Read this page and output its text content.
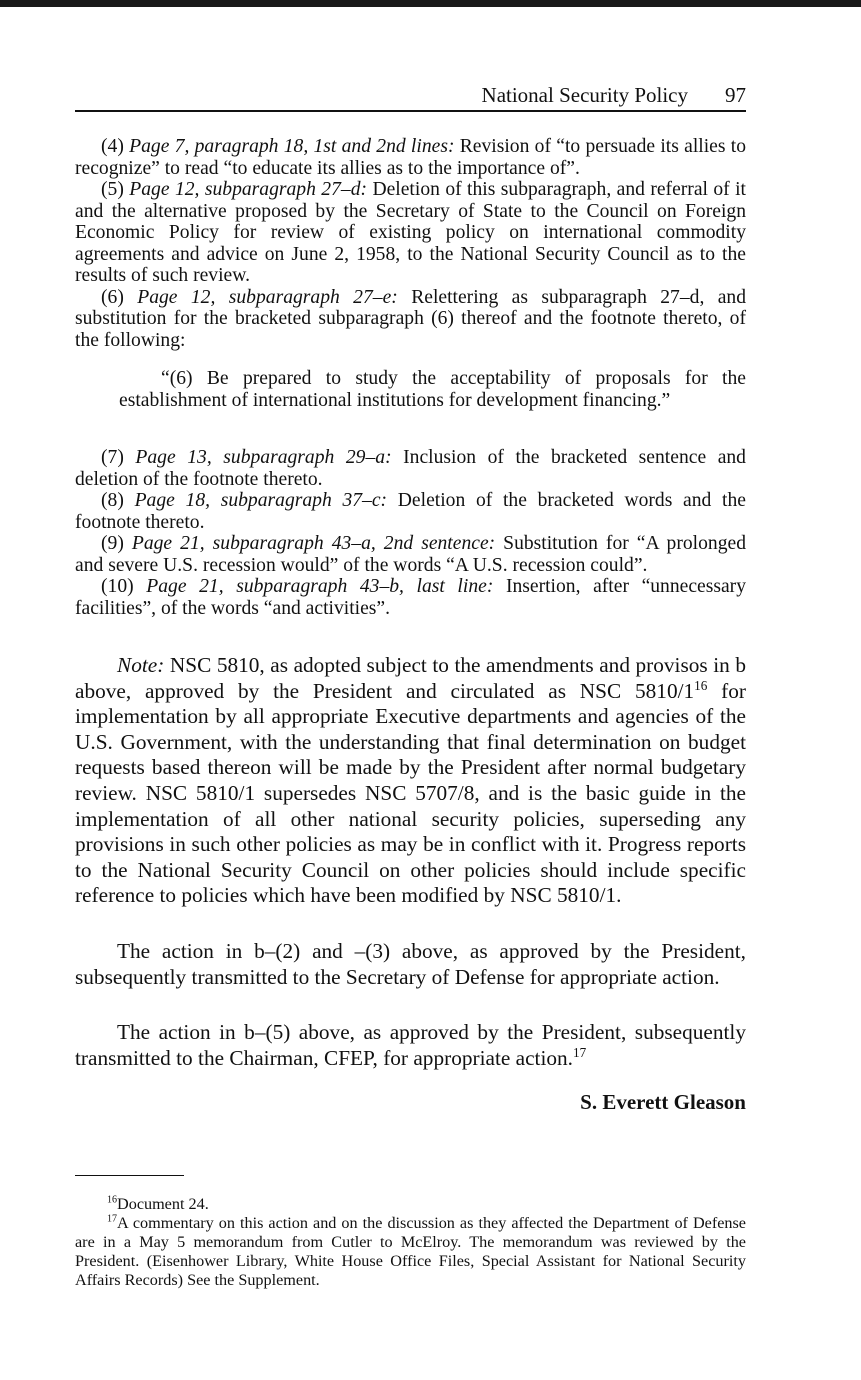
National Security Policy 97

(4) Page 7, paragraph 18, 1st and 2nd lines: Revision of “to persuade its allies to recognize” to read “to educate its allies as to the importance of”.

(5) Page 12, subparagraph 27–d: Deletion of this subparagraph, and referral of it and the alternative proposed by the Secretary of State to the Council on Foreign Economic Policy for review of existing policy on international commodity agreements and advice on June 2, 1958, to the National Security Council as to the results of such review.

(6) Page 12, subparagraph 27–e: Relettering as subparagraph 27–d, and substitution for the bracketed subparagraph (6) thereof and the footnote thereto, of the following:

“(6) Be prepared to study the acceptability of proposals for the establishment of international institutions for development financing.”

(7) Page 13, subparagraph 29–a: Inclusion of the bracketed sentence and deletion of the footnote thereto.

(8) Page 18, subparagraph 37–c: Deletion of the bracketed words and the footnote thereto.

(9) Page 21, subparagraph 43–a, 2nd sentence: Substitution for “A prolonged and severe U.S. recession would” of the words “A U.S. recession could”.

(10) Page 21, subparagraph 43–b, last line: Insertion, after “unnecessary facilities”, of the words “and activities”.

Note: NSC 5810, as adopted subject to the amendments and provisos in b above, approved by the President and circulated as NSC $5810/1^{16}$ for implementation by all appropriate Executive departments and agencies of the U.S. Government, with the understanding that final determination on budget requests based thereon will be made by the President after normal budgetary review. NSC 5810/1 supersedes NSC 5707/8, and is the basic guide in the implementation of all other national security policies, superseding any provisions in such other policies as may be in conflict with it. Progress reports to the National Security Council on other policies should include specific reference to policies which have been modified by NSC 5810/1.

The action in b–(2) and –(3) above, as approved by the President, subsequently transmitted to the Secretary of Defense for appropriate action.

The action in b–(5) above, as approved by the President, subsequently transmitted to the Chairman, CFEP, for appropriate action.$^{17}$

S. Everett Gleason

$^{16}$Document 24.

$^{17}$A commentary on this action and on the discussion as they affected the Department of Defense are in a May 5 memorandum from Cutler to McElroy. The memorandum was reviewed by the President. (Eisenhower Library, White House Office Files, Special Assistant for National Security Affairs Records) See the Supplement.
